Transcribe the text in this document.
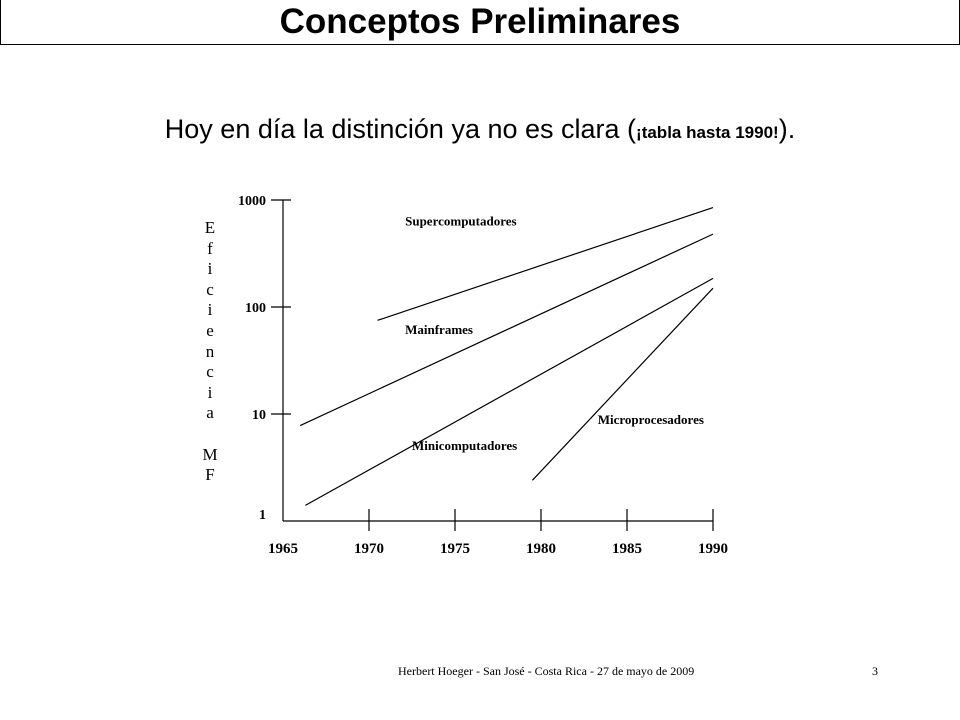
Conceptos Preliminares
Hoy en día la distinción ya no es clara (¡tabla hasta 1990!).
E
f
i
c
i
e
n
c
i
a

M
F
1
10
100
1000
1965	1970	1975	1980	1985	1990
Supercomputadores
Mainframes
Minicomputadores
Microprocesadores
Herbert Hoeger - San José - Costa Rica - 27 de mayo de 2009	3
